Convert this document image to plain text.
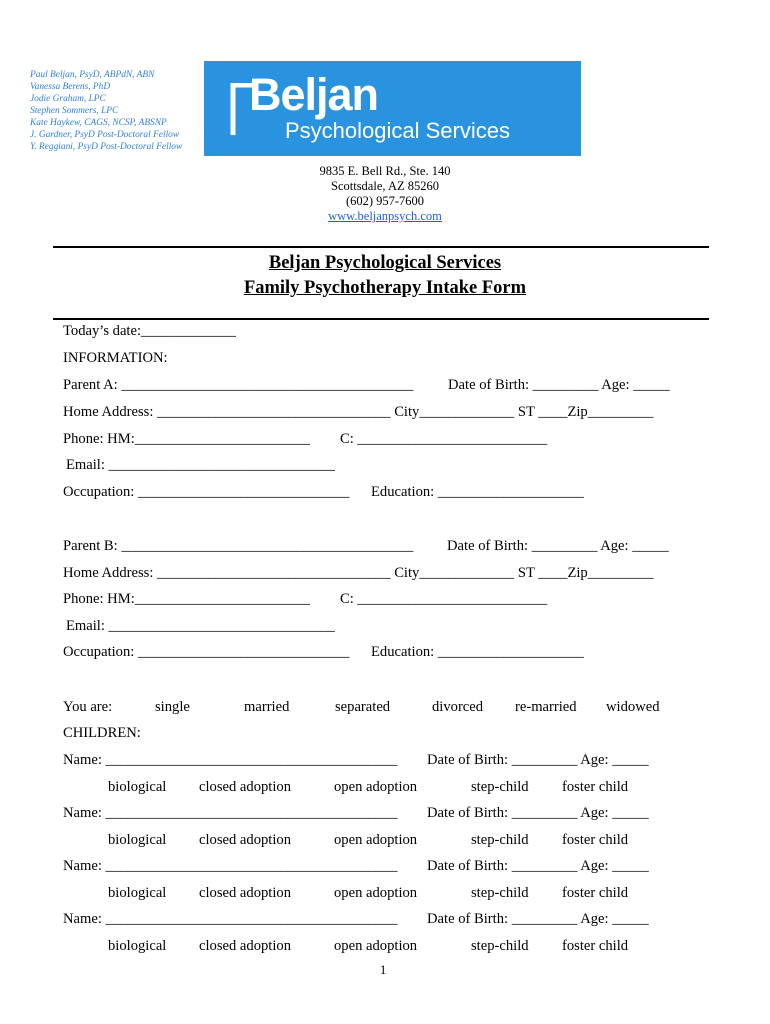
Paul Beljan, PsyD, ABPdN, ABN
Vanessa Berens, PhD
Jodie Graham, LPC
Stephen Sommers, LPC
Kate Haykew, CAGS, NCSP, ABSNP
J. Gardner, PsyD Post-Doctoral Fellow
Y. Reggiani, PsyD Post-Doctoral Fellow
Beljan
Psychological Services
9835 E. Bell Rd., Ste. 140
Scottsdale, AZ 85260
(602) 957-7600
www.beljanpsych.com
Beljan Psychological Services
Family Psychotherapy Intake Form
Today’s date:_____________
INFORMATION:
Parent A: ________________________________________ Date of Birth: _________ Age: _____
Home Address: ________________________________ City_____________ ST ____Zip_________
Phone: HM:________________________ C: __________________________
Email: _______________________________
Occupation: _____________________________ Education: ____________________
Parent B: ________________________________________ Date of Birth: _________ Age: _____
Home Address: ________________________________ City_____________ ST ____Zip_________
Phone: HM:________________________ C: __________________________
Email: _______________________________
Occupation: _____________________________ Education: ____________________
You are:	single	married	separated	divorced re-married widowed
CHILDREN:
Name: ________________________________________ Date of Birth: _________ Age: _____
biological closed adoption	open adoption	step-child foster child
Name: ________________________________________ Date of Birth: _________ Age: _____
biological closed adoption	open adoption	step-child foster child
Name: ________________________________________ Date of Birth: _________ Age: _____
biological closed adoption	open adoption	step-child foster child
Name: ________________________________________ Date of Birth: _________ Age: _____
biological closed adoption	open adoption	step-child foster child
1
